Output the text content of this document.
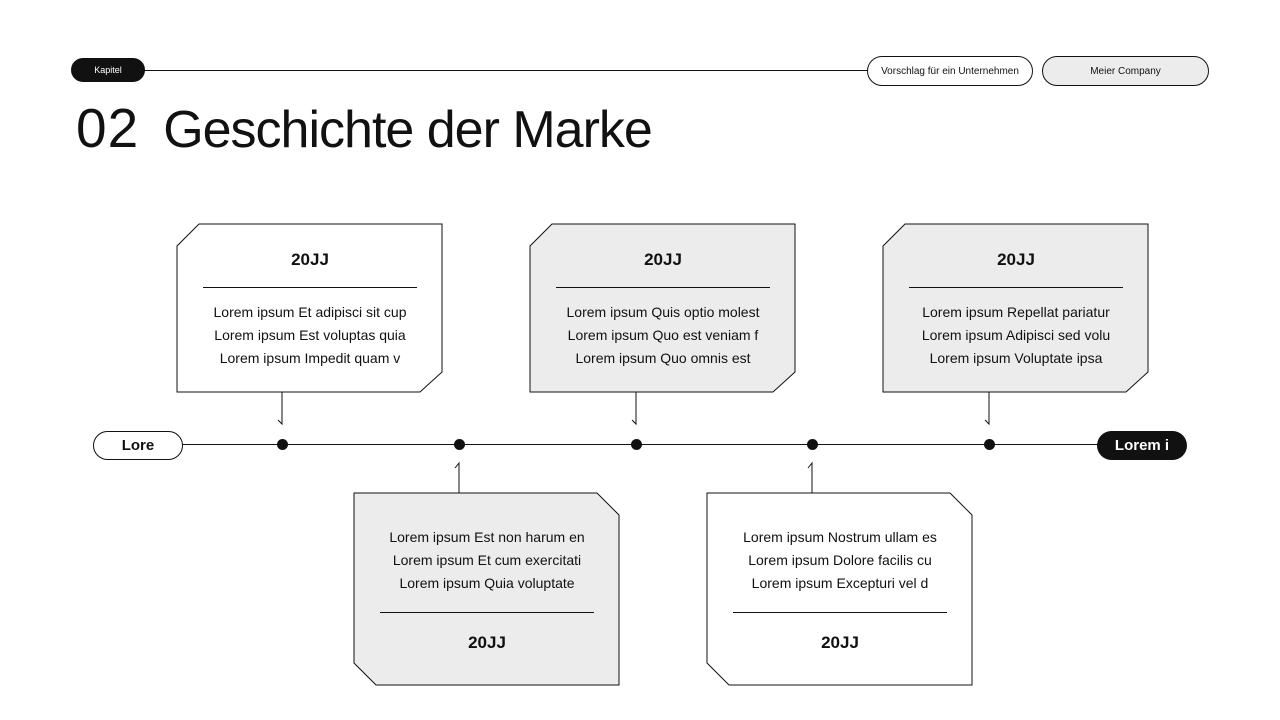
Kapitel	Vorschlag für ein Unternehmen	Meier Company
02 Geschichte der Marke
Lore	Lorem i
20JJ
Lorem ipsum Et adipisci sit cup
Lorem ipsum Est voluptas quia
Lorem ipsum Impedit quam v
20JJ
Lorem ipsum Quis optio molest
Lorem ipsum Quo est veniam f
Lorem ipsum Quo omnis est
20JJ
Lorem ipsum Repellat pariatur
Lorem ipsum Adipisci sed volu
Lorem ipsum Voluptate ipsa
Lorem ipsum Est non harum en
Lorem ipsum Et cum exercitati
Lorem ipsum Quia voluptate
20JJ
Lorem ipsum Nostrum ullam es
Lorem ipsum Dolore facilis cu
Lorem ipsum Excepturi vel d
20JJ
